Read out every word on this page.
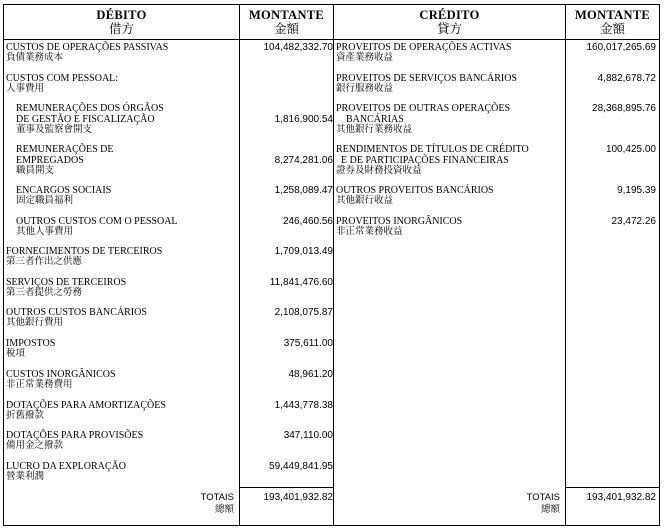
DÉBITO
借方
MONTANTE
金額
CRÉDITO
貸方
MONTANTE
金額
CUSTOS DE OPERAÇÕES PASSIVAS
負債業務成本
104,482,332.70
CUSTOS COM PESSOAL:
人事費用
REMUNERAÇÕES DOS ÓRGÃOS
DE GESTÃO E FISCALIZAÇÃO
董事及監察會開支
1,816,900.54
REMUNERAÇÕES DE
EMPREGADOS
職員開支
8,274,281.06
ENCARGOS SOCIAIS
固定職員福利
1,258,089.47
OUTROS CUSTOS COM O PESSOAL
其他人事費用
246,460.56
FORNECIMENTOS DE TERCEIROS
第三者作出之供應
1,709,013.49
SERVIÇOS DE TERCEIROS
第三者提供之勞務
11,841,476.60
OUTROS CUSTOS BANCÁRIOS
其他銀行費用
2,108,075.87
IMPOSTOS
稅項
375,611.00
CUSTOS INORGÂNICOS
非正常業務費用
48,961.20
DOTAÇÕES PARA AMORTIZAÇÕES
折舊撥款
1,443,778.38
DOTAÇÕES PARA PROVISÕES
備用金之撥款
347,110.00
LUCRO DA EXPLORAÇÃO
營業利潤
59,449,841.95
PROVEITOS DE OPERAÇÕES ACTIVAS
資產業務收益
160,017,265.69
PROVEITOS DE SERVIÇOS BANCÁRIOS
銀行服務收益
4,882,678.72
PROVEITOS DE OUTRAS OPERAÇÕES
BANCÁRIAS
其他銀行業務收益
28,368,895.76
RENDIMENTOS DE TÍTULOS DE CRÉDITO
E DE PARTICIPAÇÕES FINANCEIRAS
證券及財務投資收益
100,425.00
OUTROS PROVEITOS BANCÁRIOS
其他銀行收益
9,195.39
PROVEITOS INORGÂNICOS
非正常業務收益
23,472.26
TOTAIS
總額
193,401,932.82	TOTAIS
總額
193,401,932.82
